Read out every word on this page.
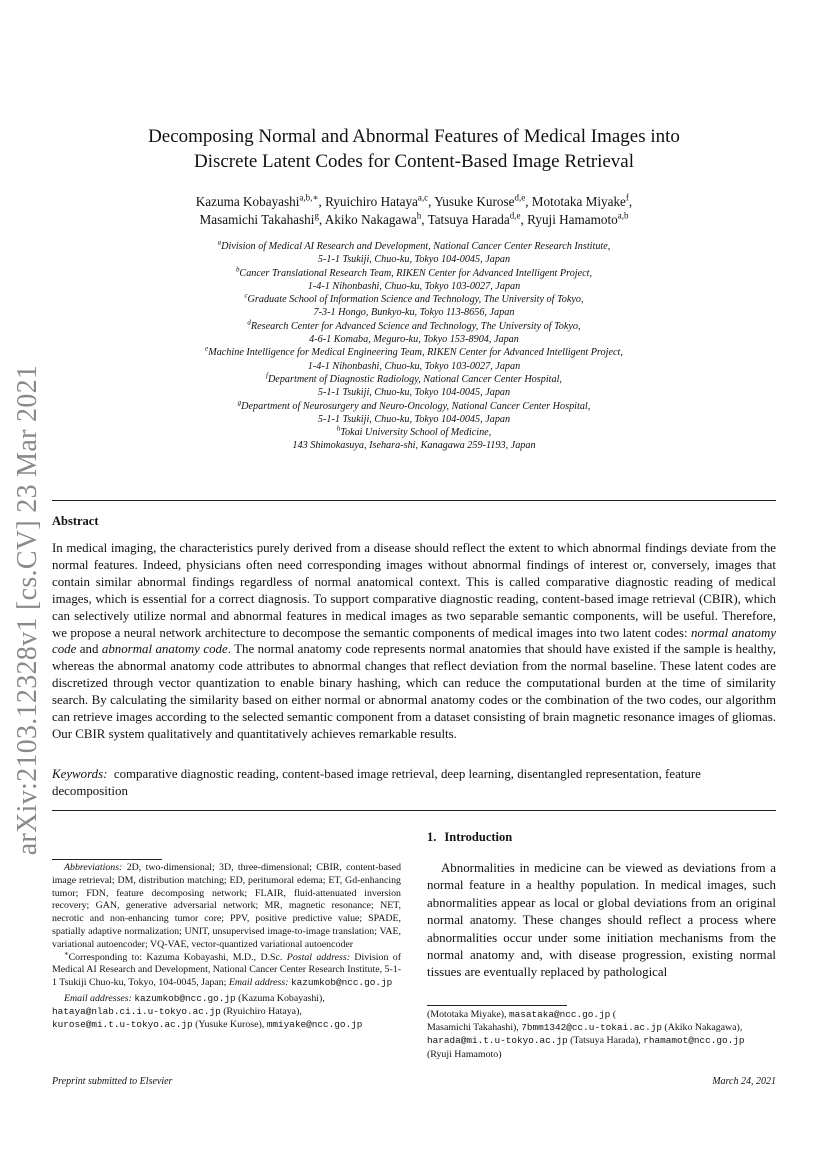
arXiv:2103.12328v1 [cs.CV] 23 Mar 2021
Decomposing Normal and Abnormal Features of Medical Images into
Discrete Latent Codes for Content-Based Image Retrieval
Kazuma Kobayashi$^{a,b,∗}$, Ryuichiro Hataya$^{a,c}$, Yusuke Kurose$^{d,e}$, Mototaka Miyake$^f$,
Masamichi Takahashi$^g$, Akiko Nakagawa$^h$, Tatsuya Harada$^{d,e}$, Ryuji Hamamoto$^{a,b}$
$^a$Division of Medical AI Research and Development, National Cancer Center Research Institute,
5-1-1 Tsukiji, Chuo-ku, Tokyo 104-0045, Japan
$^b$Cancer Translational Research Team, RIKEN Center for Advanced Intelligent Project,
1-4-1 Nihonbashi, Chuo-ku, Tokyo 103-0027, Japan
$^c$Graduate School of Information Science and Technology, The University of Tokyo,
7-3-1 Hongo, Bunkyo-ku, Tokyo 113-8656, Japan
$^d$Research Center for Advanced Science and Technology, The University of Tokyo,
4-6-1 Komaba, Meguro-ku, Tokyo 153-8904, Japan
$^e$Machine Intelligence for Medical Engineering Team, RIKEN Center for Advanced Intelligent Project,
1-4-1 Nihonbashi, Chuo-ku, Tokyo 103-0027, Japan
$^f$Department of Diagnostic Radiology, National Cancer Center Hospital,
5-1-1 Tsukiji, Chuo-ku, Tokyo 104-0045, Japan
$^g$Department of Neurosurgery and Neuro-Oncology, National Cancer Center Hospital,
5-1-1 Tsukiji, Chuo-ku, Tokyo 104-0045, Japan
$^h$Tokai University School of Medicine,
143 Shimokasuya, Isehara-shi, Kanagawa 259-1193, Japan
Abstract
In medical imaging, the characteristics purely derived from a disease should reflect the extent to which abnormal findings deviate from the normal features. Indeed, physicians often need corresponding images without abnormal findings of interest or, conversely, images that contain similar abnormal findings regardless of normal anatomical context. This is called comparative diagnostic reading of medical images, which is essential for a correct diagnosis. To support comparative diagnostic reading, content-based image retrieval (CBIR), which can selectively utilize normal and abnormal features in medical images as two separable semantic components, will be useful. Therefore, we propose a neural network architecture to decompose the semantic components of medical images into two latent codes: normal anatomy code and abnormal anatomy code. The normal anatomy code represents normal anatomies that should have existed if the sample is healthy, whereas the abnormal anatomy code attributes to abnormal changes that reflect deviation from the normal baseline. These latent codes are discretized through vector quantization to enable binary hashing, which can reduce the computational burden at the time of similarity search. By calculating the similarity based on either normal or abnormal anatomy codes or the combination of the two codes, our algorithm can retrieve images according to the selected semantic component from a dataset consisting of brain magnetic resonance images of gliomas. Our CBIR system qualitatively and quantitatively achieves remarkable results.
Keywords: comparative diagnostic reading, content-based image retrieval, deep learning, disentangled representation, feature decomposition
1. Introduction
Abnormalities in medicine can be viewed as deviations from a normal feature in a healthy population. In medical images, such abnormalities appear as local or global deviations from an original normal anatomy. These changes should reflect a process where abnormalities occur under some initiation mechanisms from the normal anatomy and, with disease progression, existing normal tissues are eventually replaced by pathological

Abbreviations: 2D, two-dimensional; 3D, three-dimensional; CBIR, content-based image retrieval; DM, distribution matching; ED, peritumoral edema; ET, Gd-enhancing tumor; FDN, feature decomposing network; FLAIR, fluid-attenuated inversion recovery; GAN, generative adversarial network; MR, magnetic resonance; NET, necrotic and non-enhancing tumor core; PPV, positive predictive value; SPADE, spatially adaptive normalization; UNIT, unsupervised image-to-image translation; VAE, variational autoencoder; VQ-VAE, vector-quantized variational autoencoder

∗Corresponding to: Kazuma Kobayashi, M.D., D.Sc. Postal address: Division of Medical AI Research and Development, National Cancer Center Research Institute, 5-1-1 Tsukiji Chuo-ku, Tokyo, 104-0045, Japan; Email address: kazumkob@ncc.go.jp

Email addresses: kazumkob@ncc.go.jp (Kazuma Kobayashi),

hataya@nlab.ci.i.u-tokyo.ac.jp (Ryuichiro Hataya),
kurose@mi.t.u-tokyo.ac.jp (Yusuke Kurose), mmiyake@ncc.go.jp
(Mototaka Miyake), masataka@ncc.go.jp (
Masamichi Takahashi), 7bmm1342@cc.u-tokai.ac.jp (Akiko Nakagawa),
harada@mi.t.u-tokyo.ac.jp (Tatsuya Harada), rhamamot@ncc.go.jp
(Ryuji Hamamoto)
Preprint submitted to Elsevier	March 24, 2021
